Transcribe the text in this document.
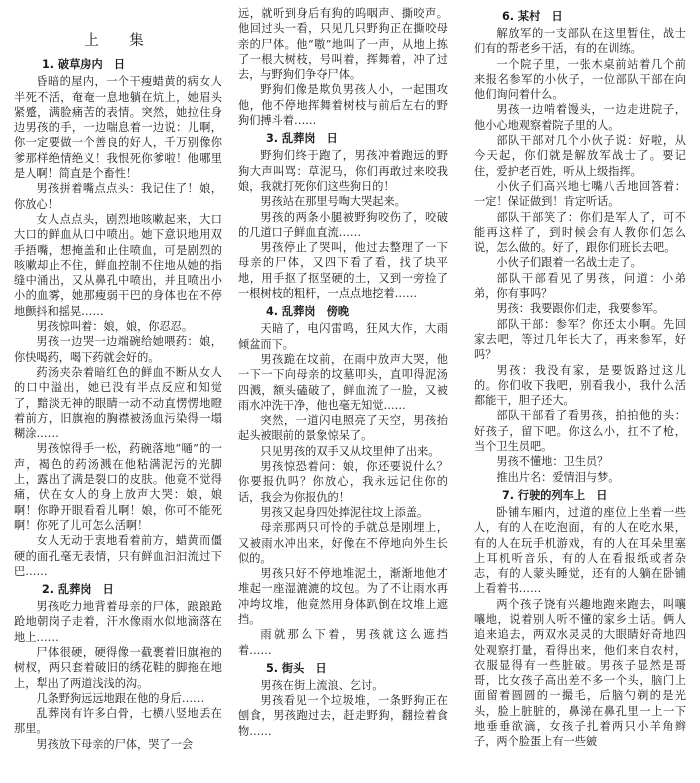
上　集
1. 破草房内　日

昏暗的屋内，一个干瘦蜡黄的病女人半死不活，奄奄一息地躺在炕上，她眉头紧蹙，满脸痛苦的表情。突然，她拉住身边男孩的手，一边喘息着一边说：儿啊，你一定要做一个善良的好人，千万别像你爹那样绝情绝义！我恨死你爹啦！他哪里是人啊！简直是个畜性！

男孩拼着嘴点点头：我记住了！娘，你放心！

女人点点头，剧烈地咳嗽起来，大口大口的鲜血从口中喷出。她下意识地用双手捂嘴，想掩盖和止住喷血，可是剧烈的咳嗽却止不住，鲜血控制不住地从她的指缝中涌出，又从鼻孔中喷出，并且喷出小小的血雾，她那瘦弱干巴的身体也在不停地颤抖和摇晃……

男孩惊叫着：娘，娘，你忍忍。

男孩一边哭一边端碗给她喂药：娘，你快喝药，喝下药就会好的。

药汤夹杂着暗红色的鲜血不断从女人的口中溢出，她已没有半点反应和知觉了，黯淡无神的眼睛一动不动直愣愣地瞪着前方，旧旗袍的胸襟被汤血污染得一塌糊涂……

男孩惊得手一松，药碗落地“嗵”的一声，褐色的药汤溅在他粘满泥污的光脚上，露出了满是裂口的皮肤。他竟不觉得痛，伏在女人的身上放声大哭：娘，娘啊！你睁开眼看看儿啊！娘，你可不能死啊！你死了儿可怎么活啊！

女人无动于衷地看着前方，蜡黄而僵硬的面孔毫无表情，只有鲜血汩汩流过下巴……

2. 乱葬岗　日

男孩吃力地背着母亲的尸体，踉踉跄跄地朝岗子走着，汗水像雨水似地滴落在地上……

尸体很硬，硬得像一截裹着旧旗袍的树杈，两只套着破旧的绣花鞋的脚拖在地上，犁出了两道浅浅的沟。

几条野狗远远地跟在他的身后……

乱葬岗有许多白骨，七横八竖地丢在那里。

男孩放下母亲的尸体，哭了一会

远，就听到身后有狗的呜咽声、撕咬声。他回过头一看，只见几只野狗正在撕咬母亲的尸体。他“嗷”地叫了一声，从地上拣了一根大树枝，号叫着，挥舞着，冲了过去，与野狗们争夺尸体。

野狗们像是欺负男孩人小，一起围攻他，他不停地挥舞着树枝与前后左右的野狗们搏斗着……

3. 乱葬岗　日

野狗们终于跑了，男孩冲着跑远的野狗大声叫骂：草泥马，你们再敢过来咬我娘，我就打死你们这些狗日的！

男孩站在那里号啕大哭起来。

男孩的两条小腿被野狗咬伤了，咬破的几道口子鲜血直流……

男孩停止了哭叫，他过去整理了一下母亲的尸体，又四下看了看，找了块平地，用手抠了抠坚硬的土，又到一旁捡了一根树枝的粗杆，一点点地挖着……

4. 乱葬岗　傍晚

天暗了，电闪雷鸣，狂风大作，大雨倾盆而下。

男孩跪在坟前，在雨中放声大哭，他一下一下向母亲的坟墓叩头，直叩得泥汤四溅，额头磕破了，鲜血流了一脸，又被雨水冲洗干净，他也毫无知觉……

突然，一道闪电照亮了天空，男孩抬起头被眼前的景象惊呆了。

只见男孩的双手又从坟里伸了出来。

男孩惊恐着问：娘，你还要说什么？你要报仇吗？你放心，我永远记住你的话，我会为你报仇的！

男孩又起身四处捧泥往坟上添盖。

母亲那两只可怜的手就总是刚埋上，又被雨水冲出来，好像在不停地向外生长似的。

男孩只好不停地堆泥土，渐渐地他才堆起一座湿漉漉的坟包。为了不让雨水再冲垮坟堆，他竟然用身体趴倒在坟堆上遮挡。

雨就那么下着，男孩就这么遮挡着……

5. 街头　日

男孩在街上流浪、乞讨。

男孩看见一个垃圾堆，一条野狗正在刨食，男孩跑过去，赶走野狗，翻捡着食物……

6. 某村　日

解放军的一支部队在这里暂住，战士们有的帮老乡干活，有的在训练。

一个院子里，一张木桌前站着几个前来报名参军的小伙子，一位部队干部在向他们询问着什么。

男孩一边啃着馒头，一边走进院子，他小心地观察着院子里的人。

部队干部对几个小伙子说：好啦，从今天起，你们就是解放军战士了。要记住，爱护老百姓，听从上级指挥。

小伙子们高兴地七嘴八舌地回答着：一定！保证做到！肯定听话。

部队干部笑了：你们是军人了，可不能再这样了，到时候会有人教你们怎么说，怎么做的。好了，跟你们班长去吧。

小伙子们跟着一名战士走了。

部队干部看见了男孩，问道：小弟弟，你有事吗？

男孩：我要跟你们走，我要参军。

部队干部：参军？你还太小啊。先回家去吧，等过几年长大了，再来参军，好吗？

男孩：我没有家，是要饭路过这儿的。你们收下我吧，别看我小，我什么活都能干，胆子还大。

部队干部看了看男孩，拍拍他的头：好孩子，留下吧。你这么小，扛不了枪，当个卫生员吧。

男孩不懂地：卫生员？

推出片名：爱情泪与梦。

7. 行驶的列车上　日

卧铺车厢内，过道的座位上坐着一些人，有的人在吃泡面，有的人在吃水果，有的人在玩手机游戏，有的人在耳朵里塞上耳机听音乐，有的人在看报纸或者杂志，有的人蒙头睡觉，还有的人躺在卧铺上看着书……

两个孩子饶有兴趣地跑来跑去，叫嚷嚷地，说着别人听不懂的家乡土话。俩人追来追去，两双水灵灵的大眼睛好奇地四处观察打量，看得出来，他们来自农村，衣服显得有一些脏破。男孩子显然是哥哥，比女孩子高出差不多一个头，脑门上面留着圆圆的一撮毛，后脑勺剃的是光头，脸上脏脏的，鼻涕在鼻孔里一上一下地垂垂欲滴，女孩子扎着两只小羊角辫子，两个脸蛋上有一些皴
